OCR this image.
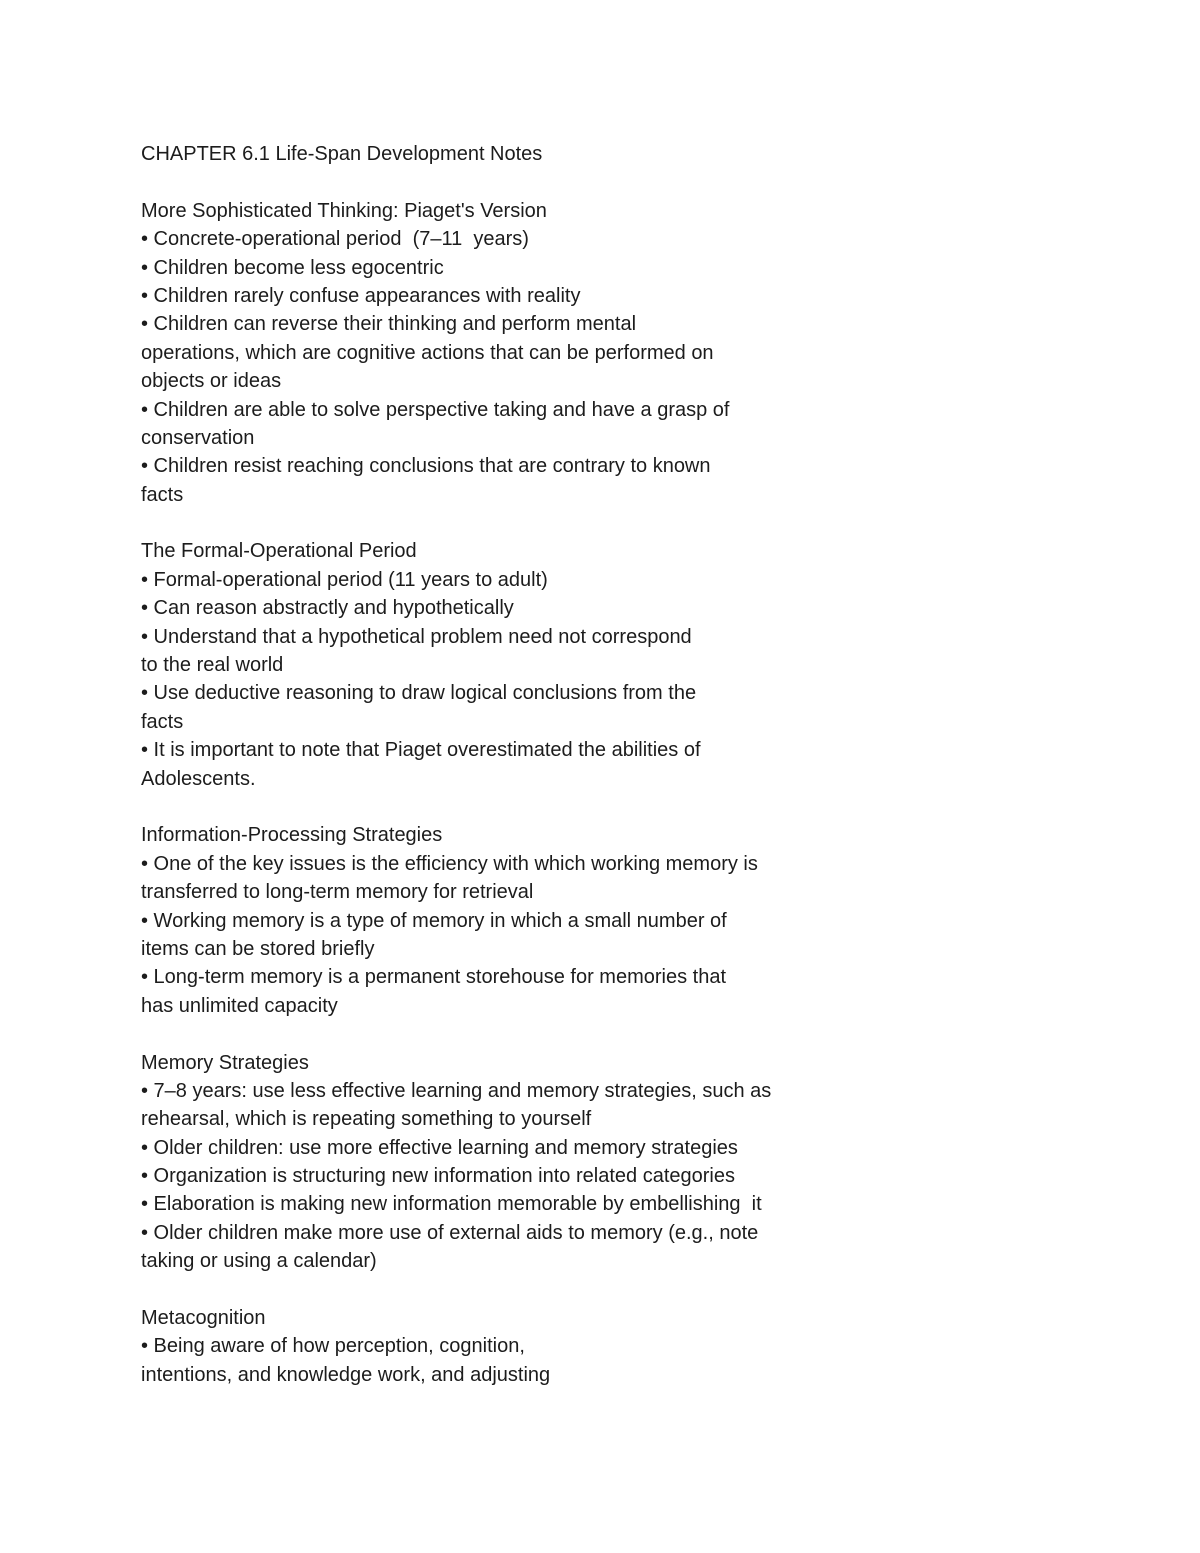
CHAPTER 6.1 Life-Span Development Notes
More Sophisticated Thinking: Piaget's Version
• Concrete-operational period  (7–11  years)
• Children become less egocentric
• Children rarely confuse appearances with reality
• Children can reverse their thinking and perform mental
operations, which are cognitive actions that can be performed on
objects or ideas
• Children are able to solve perspective taking and have a grasp of
conservation
• Children resist reaching conclusions that are contrary to known
facts
The Formal-Operational Period
• Formal-operational period (11 years to adult)
• Can reason abstractly and hypothetically
• Understand that a hypothetical problem need not correspond
to the real world
• Use deductive reasoning to draw logical conclusions from the
facts
• It is important to note that Piaget overestimated the abilities of
Adolescents.
Information-Processing Strategies
• One of the key issues is the efficiency with which working memory is
transferred to long-term memory for retrieval
• Working memory is a type of memory in which a small number of
items can be stored briefly
• Long-term memory is a permanent storehouse for memories that
has unlimited capacity
Memory Strategies
• 7–8 years: use less effective learning and memory strategies, such as
rehearsal, which is repeating something to yourself
• Older children: use more effective learning and memory strategies
• Organization is structuring new information into related categories
• Elaboration is making new information memorable by embellishing  it
• Older children make more use of external aids to memory (e.g., note
taking or using a calendar)
Metacognition
• Being aware of how perception, cognition,
intentions, and knowledge work, and adjusting
